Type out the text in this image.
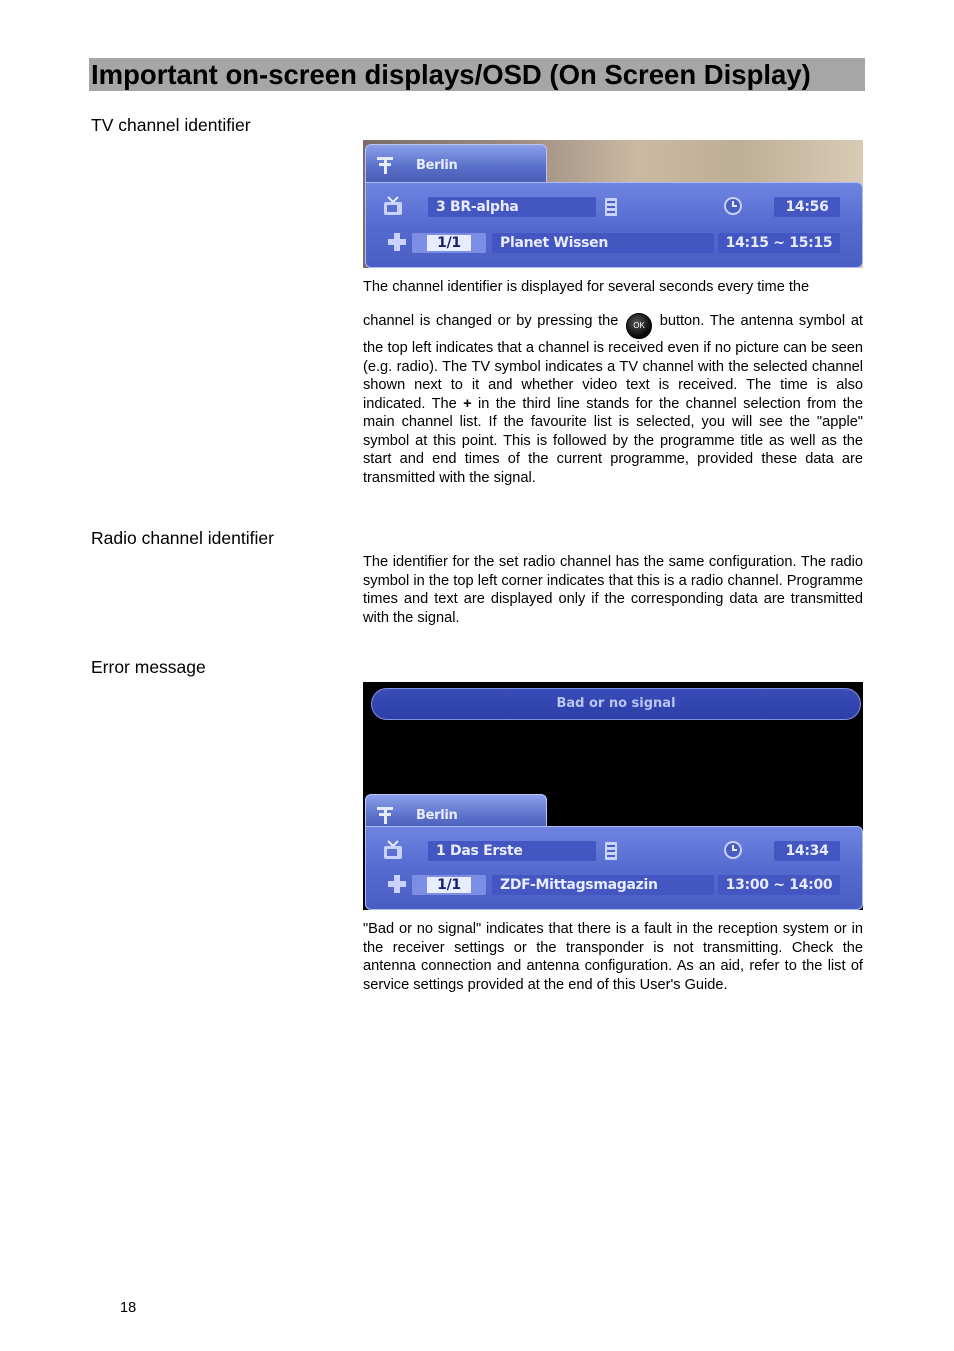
Important on-screen displays/OSD (On Screen Display)
TV channel identifier
Berlin
3 BR-alpha	14:56
1/1	Planet Wissen	14:15 ~ 15:15

The channel identifier is displayed for several seconds every time the

channel is changed or by pressing the OK button. The antenna symbol at the top left indicates that a channel is received even if no picture can be seen (e.g. radio). The TV symbol indicates a TV channel with the selected channel shown next to it and whether video text is received. The time is also indicated. The + in the third line stands for the channel selection from the main channel list. If the favourite list is selected, you will see the "apple" symbol at this point. This is followed by the programme title as well as the start and end times of the current programme, provided these data are transmitted with the signal.

Radio channel identifier

The identifier for the set radio channel has the same configuration. The radio symbol in the top left corner indicates that this is a radio channel. Programme times and text are displayed only if the corresponding data are transmitted with the signal.

Error message
Bad or no signal
Berlin
1 Das Erste	14:34
1/1	ZDF-Mittagsmagazin	13:00 ~ 14:00

"Bad or no signal" indicates that there is a fault in the reception system or in the receiver settings or the transponder is not transmitting. Check the antenna connection and antenna configuration. As an aid, refer to the list of service settings provided at the end of this User's Guide.

18
